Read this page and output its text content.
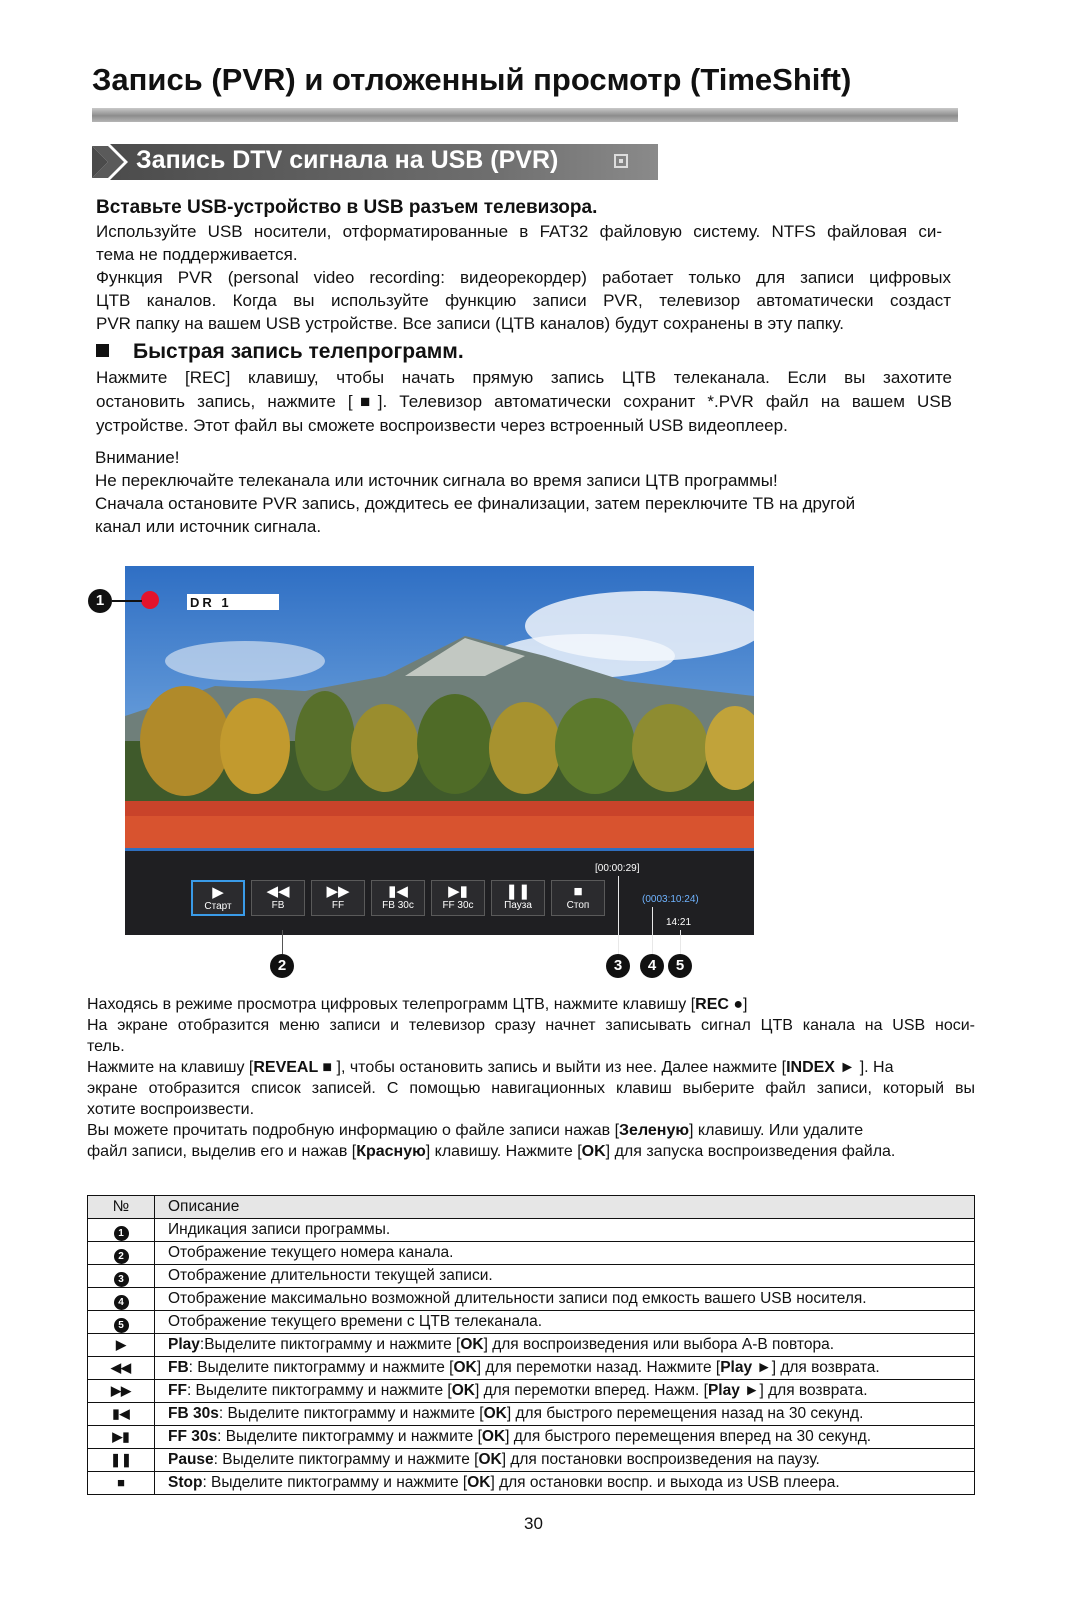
Запись (PVR) и отложенный просмотр (TimeShift)
Запись DTV сигнала на USB (PVR)
Вставьте USB-устройство в USB разъем телевизора.
Используйте USB носители, отформатированные в FAT32 файловую систему. NTFS файловая си-
тема не поддерживается.
Функция PVR (personal video recording: видеорекордер) работает только для записи цифровых
ЦТВ каналов. Когда вы используйте функцию записи PVR, телевизор автоматически создаст
PVR папку на вашем USB устройстве. Все записи (ЦТВ каналов) будут сохранены в эту папку.
Быстрая запись телепрограмм.
Нажмите [REC] клавишу, чтобы начать прямую запись ЦТВ телеканала. Если вы захотите
остановить запись, нажмите [■]. Телевизор автоматически сохранит *.PVR файл на вашем USB
устройстве. Этот файл вы сможете воспроизвести через встроенный USB видеоплеер.
Внимание!
Не переключайте телеканала или источник сигнала во время записи ЦТВ программы!
Сначала остановите PVR запись, дождитесь ее финализации, затем переключите ТВ на другой
канал или источник сигнала.
DR 1
[00:00:29]
(0003:10:24)
14:21
▶
Старт
◀◀
FB
▶▶
FF
▮◀
FB 30c
▶▮
FF 30c
❚❚
Пауза
■
Стоп
1
2	3	4	5
Находясь в режиме просмотра цифровых телепрограмм ЦТВ, нажмите клавишу [REC ●]
На экране отобразится меню записи и телевизор сразу начнет записывать сигнал ЦТВ канала на USB носи-
тель.
Нажмите на клавишу [REVEAL ■ ], чтобы остановить запись и выйти из нее. Далее нажмите [INDEX ► ]. На
экране отобразится список записей. С помощью навигационных клавиш выберите файл записи, который вы
хотите воспроизвести.
Вы можете прочитать подробную информацию о файле записи нажав [Зеленую] клавишу. Или удалите
файл записи, выделив его и нажав [Красную] клавишу. Нажмите [OK] для запуска воспроизведения файла.
№	Описание
1	Индикация записи программы.
2	Отображение текущего номера канала.
3	Отображение длительности текущей записи.
4	Отображение максимально возможной длительности записи под емкость вашего USB носителя.
5	Отображение текущего времени с ЦТВ телеканала.
▶	Play:Выделите пиктограмму и нажмите [OK] для воспроизведения или выбора A-B повтора.
◀◀	FB: Выделите пиктограмму и нажмите [OK] для перемотки назад. Нажмите [Play ►] для возврата.
▶▶	FF: Выделите пиктограмму и нажмите [OK] для перемотки вперед. Нажм. [Play ►] для возврата.
▮◀	FB 30s: Выделите пиктограмму и нажмите [OK] для быстрого перемещения назад на 30 секунд.
▶▮	FF 30s: Выделите пиктограмму и нажмите [OK] для быстрого перемещения вперед на 30 секунд.
❚❚	Pause: Выделите пиктограмму и нажмите [OK] для постановки воспроизведения на паузу.
■	Stop: Выделите пиктограмму и нажмите [OK] для остановки воспр. и выхода из USB плеера.
30
